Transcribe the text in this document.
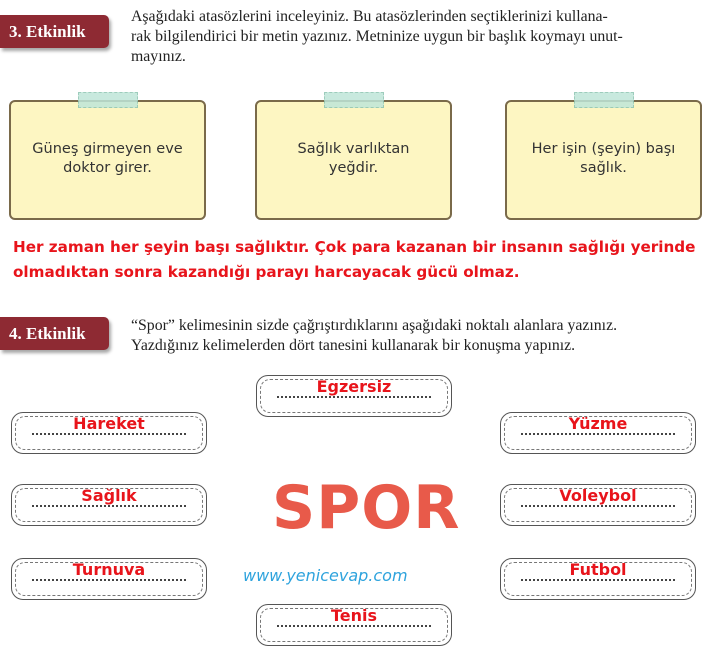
3. Etkinlik
Aşağıdaki atasözlerini inceleyiniz. Bu atasözlerinden seçtiklerinizi kullana-
rak bilgilendirici bir metin yazınız. Metninize uygun bir başlık koymayı unut-
mayınız.
Güneş girmeyen eve
doktor girer.
Sağlık varlıktan
yeğdir.
Her işin (şeyin) başı
sağlık.
Her zaman her şeyin başı sağlıktır. Çok para kazanan bir insanın sağlığı yerinde
olmadıktan sonra kazandığı parayı harcayacak gücü olmaz.
4. Etkinlik	“Spor” kelimesinin sizde çağrıştırdıklarını aşağıdaki noktalı alanlara yazınız.
Yazdığınız kelimelerden dört tanesini kullanarak bir konuşma yapınız.
Egzersiz
Hareket	Yüzme
Sağlık	Voleybol
Turnuva	Futbol
Tenis
SPOR
www.yenicevap.com
